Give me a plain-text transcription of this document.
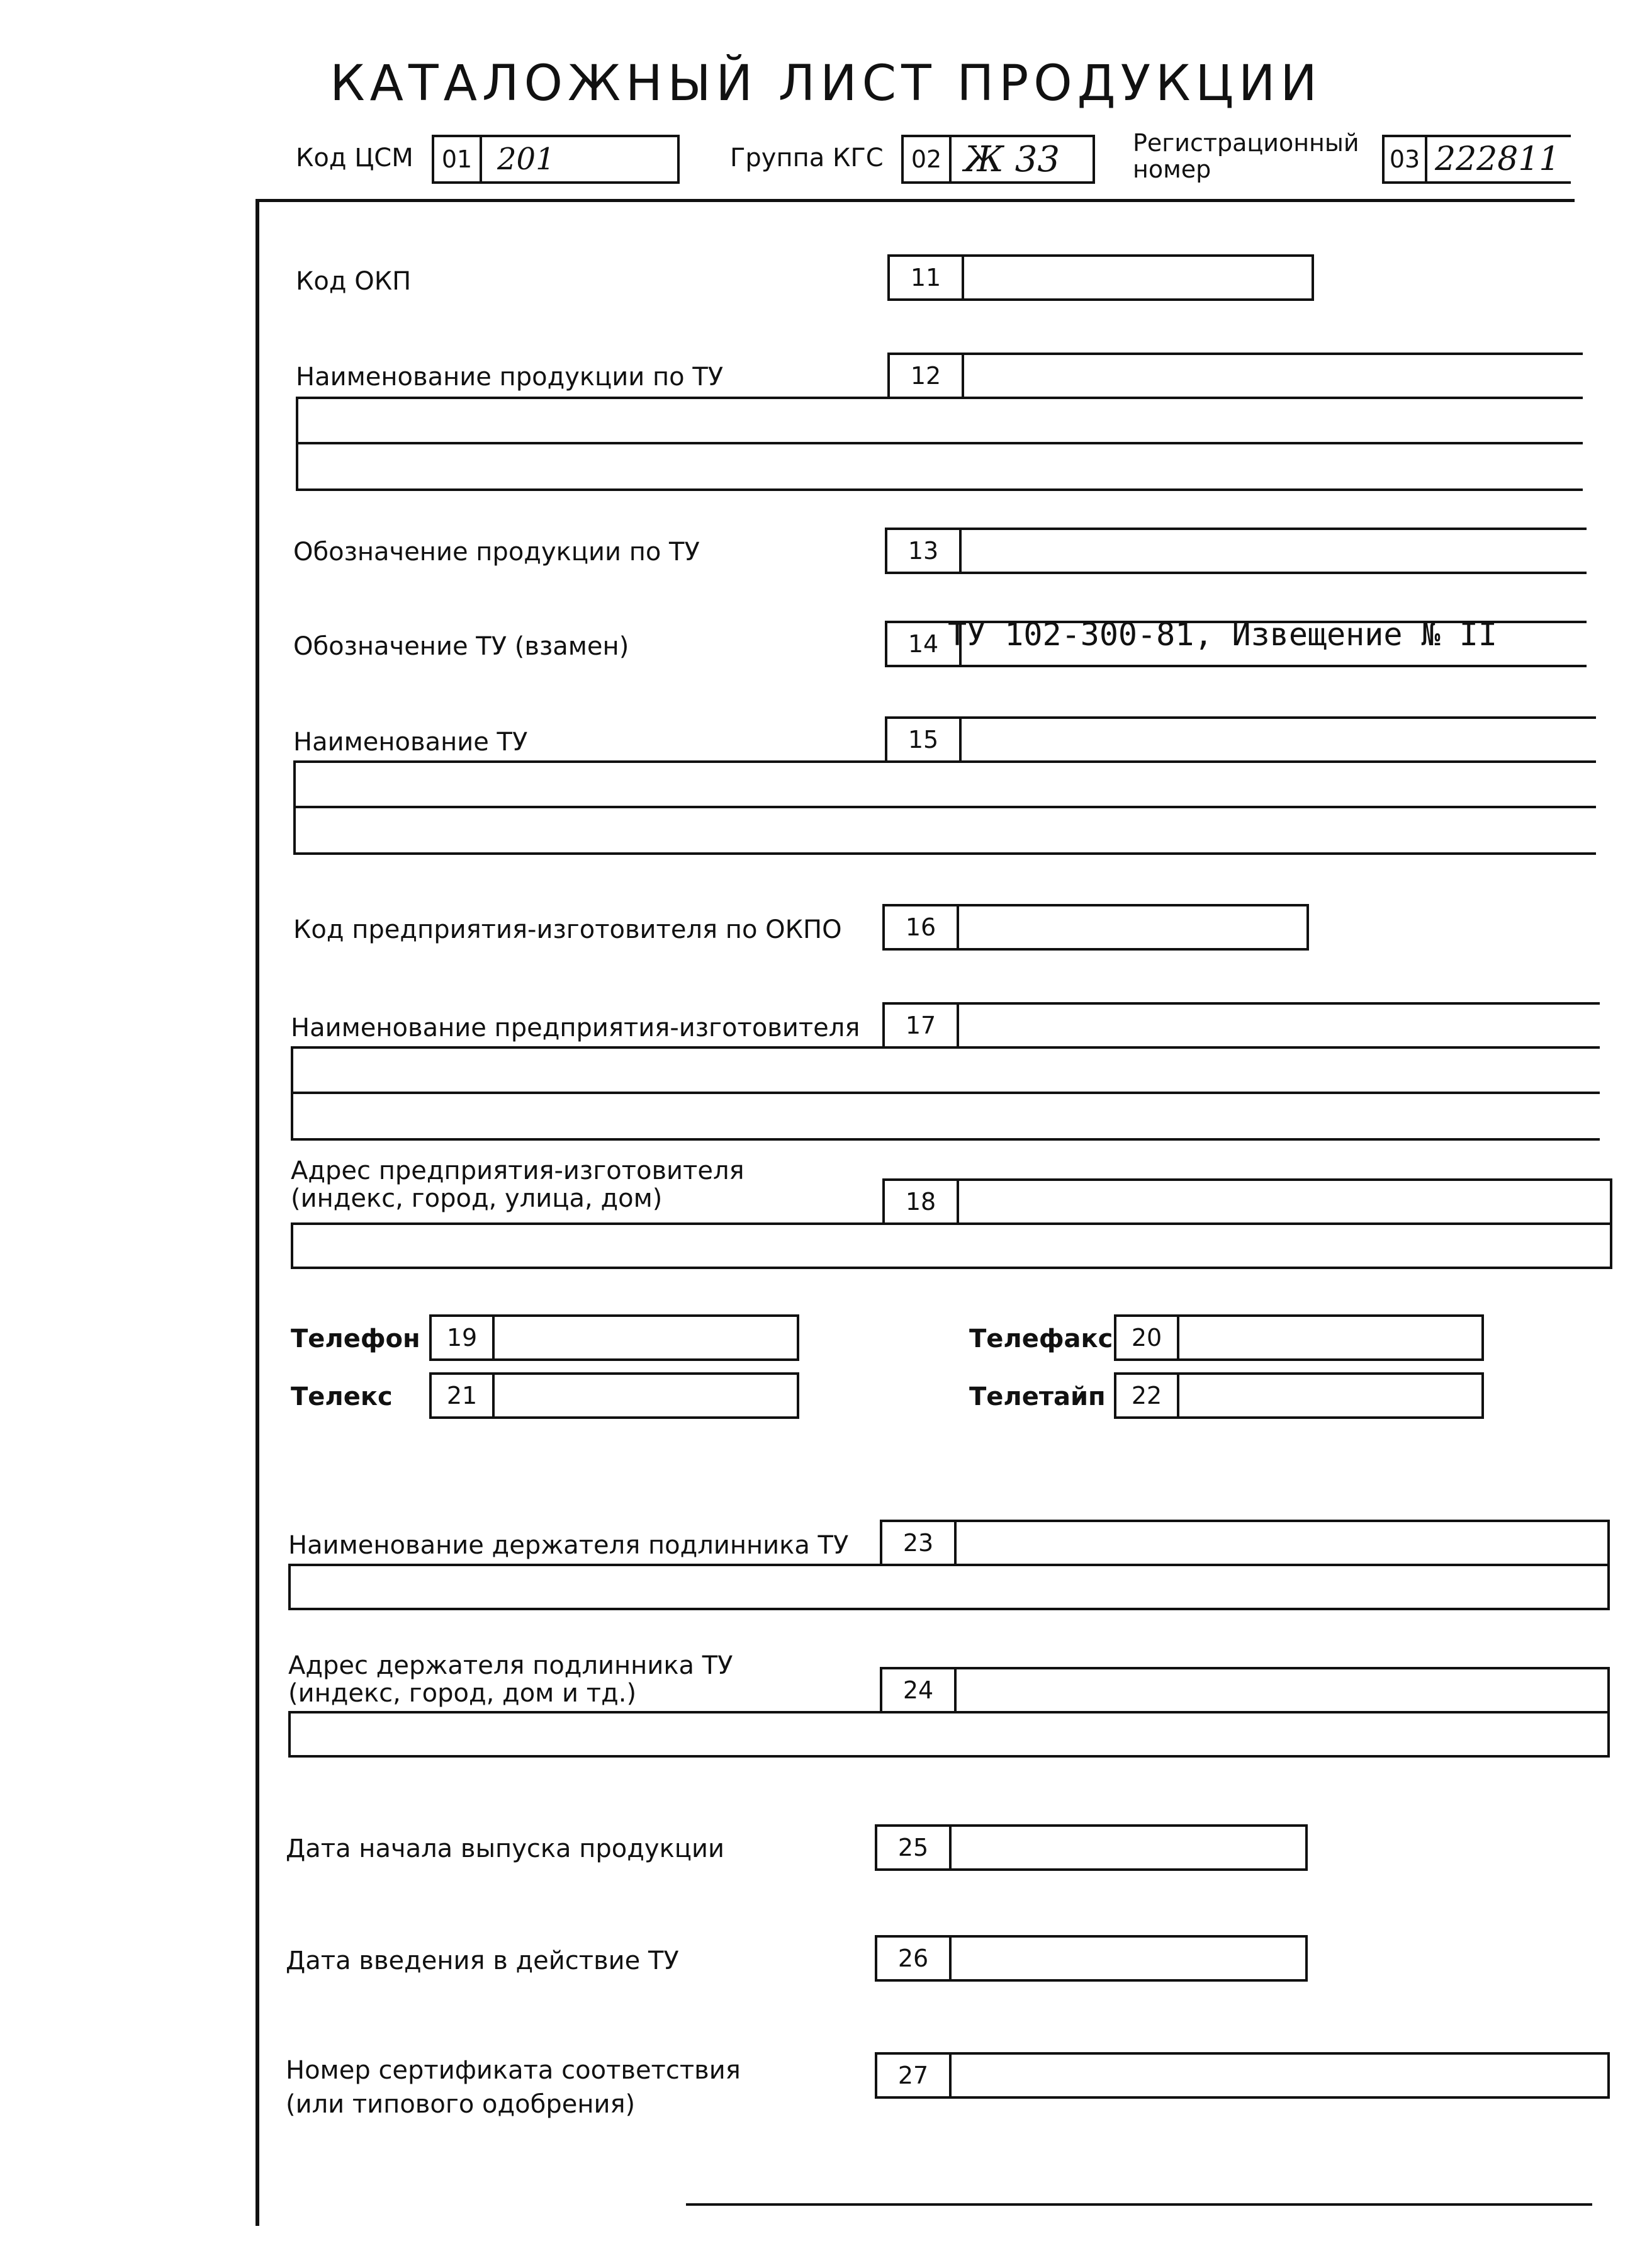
КАТАЛОЖНЫЙ ЛИСТ ПРОДУКЦИИ
Код ЦСМ	01 201	Группа КГС	02 Ж 33	Регистрационный
номер	03 222811
Код ОКП	11
Наименование продукции по ТУ	12
Обозначение продукции по ТУ	13
Обозначение ТУ (взамен)	14 ТУ 102-300-81, Извещение № II
Наименование ТУ	15
Код предприятия-изготовителя по ОКПО	16
Наименование предприятия-изготовителя	17
Адрес предприятия-изготовителя
(индекс, город, улица, дом)	18
Телефон	19	Телефакс 20
Телекс	21	Телетайп	22
Наименование держателя подлинника ТУ	23
Адрес держателя подлинника ТУ
(индекс, город, дом и тд.)	24
Дата начала выпуска продукции	25
Дата введения в действие ТУ	26
Номер сертификата соответствия
(или типового одобрения)
27
